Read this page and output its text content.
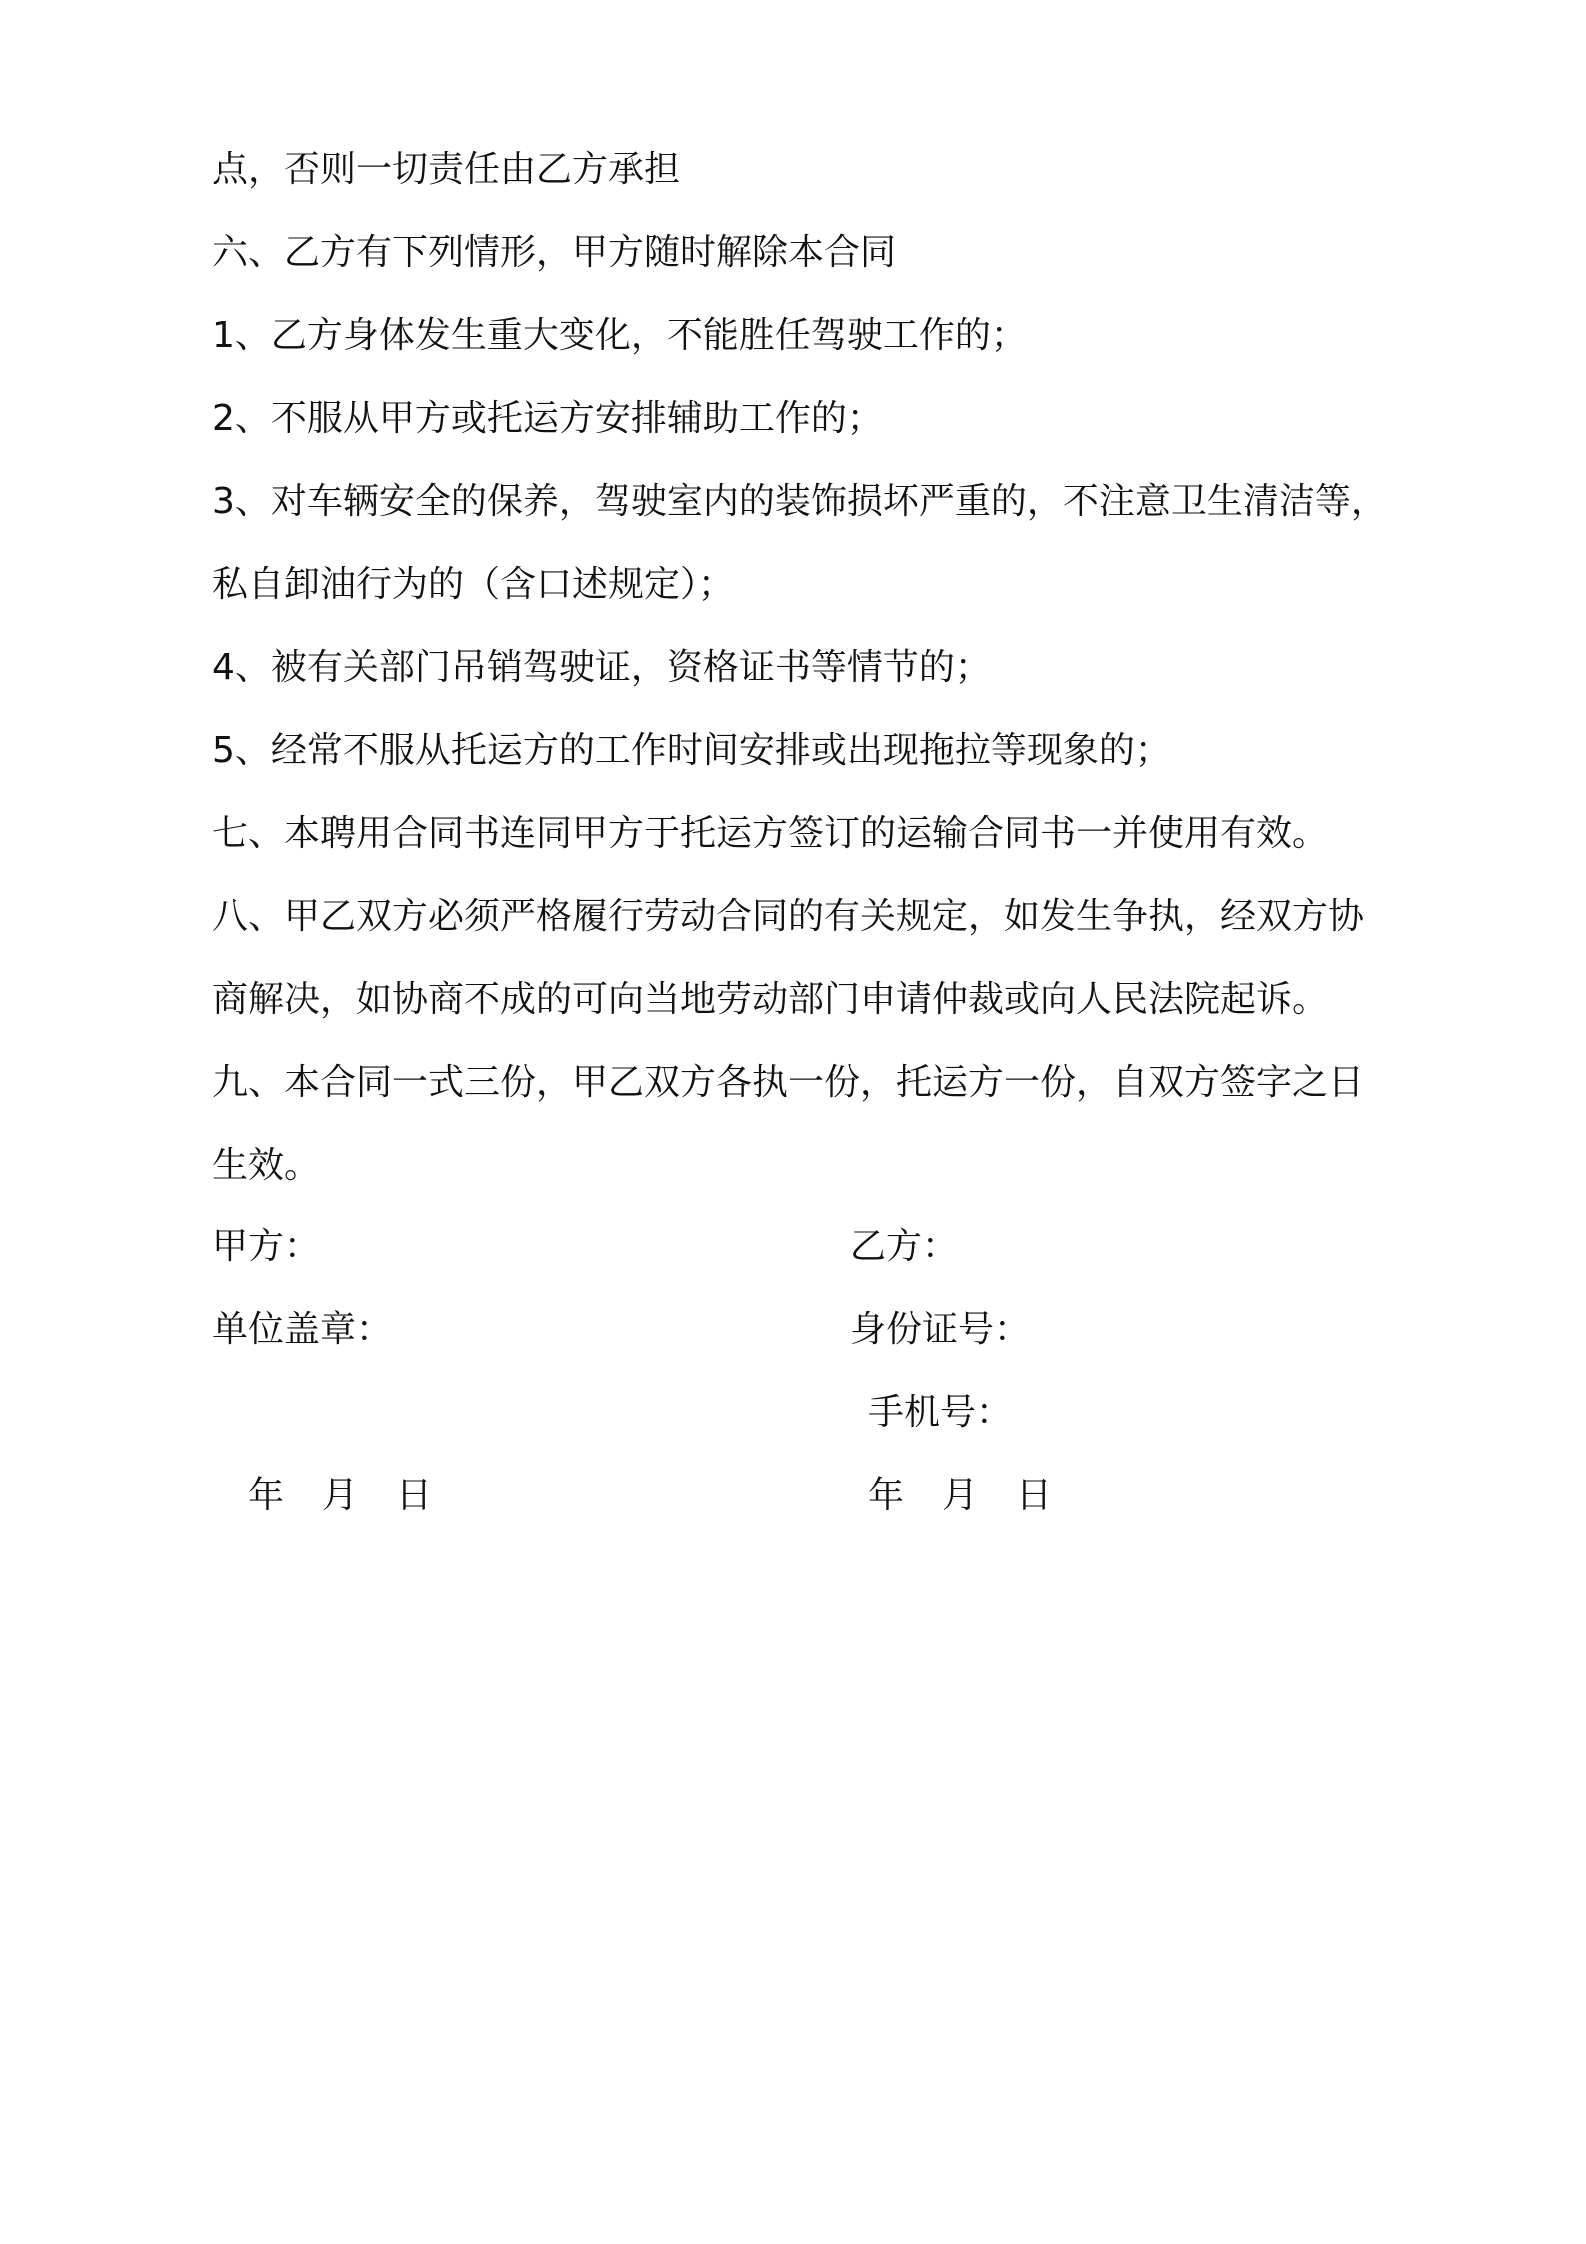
点，否则一切责任由乙方承担
六、乙方有下列情形，甲方随时解除本合同
1、乙方身体发生重大变化，不能胜任驾驶工作的；
2、不服从甲方或托运方安排辅助工作的；
3、对车辆安全的保养，驾驶室内的装饰损坏严重的，不注意卫生清洁等，
私自卸油行为的（含口述规定）；
4、被有关部门吊销驾驶证，资格证书等情节的；
5、经常不服从托运方的工作时间安排或出现拖拉等现象的；
七、本聘用合同书连同甲方于托运方签订的运输合同书一并使用有效。
八、甲乙双方必须严格履行劳动合同的有关规定，如发生争执，经双方协
商解决，如协商不成的可向当地劳动部门申请仲裁或向人民法院起诉。
九、本合同一式三份，甲乙双方各执一份，托运方一份，自双方签字之日
生效。
甲方：	乙方：
单位盖章：	身份证号：
手机号：
年 月 日	年 月 日
